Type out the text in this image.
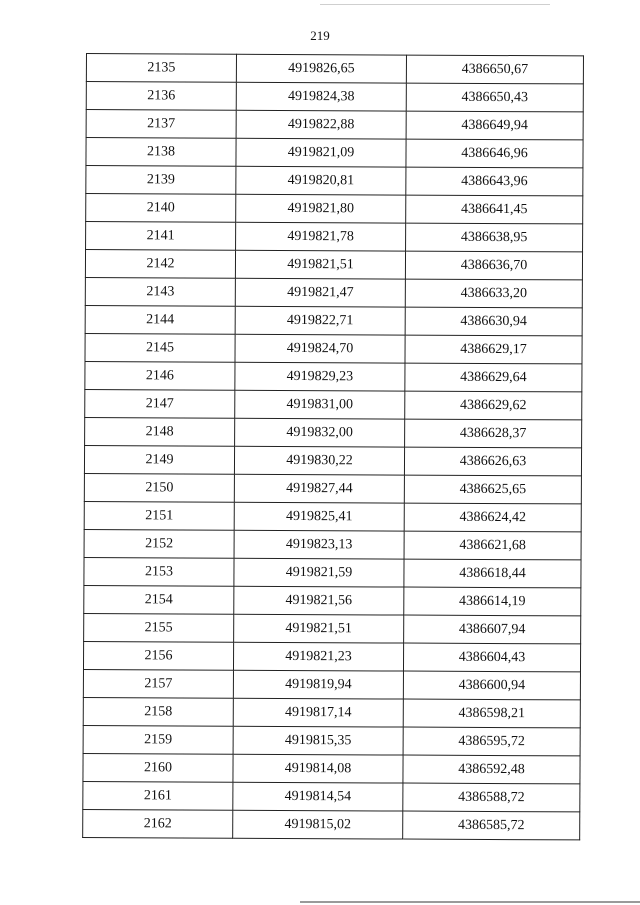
219
2135	4919826,65	4386650,67
2136	4919824,38	4386650,43
2137	4919822,88	4386649,94
2138	4919821,09	4386646,96
2139	4919820,81	4386643,96
2140	4919821,80	4386641,45
2141	4919821,78	4386638,95
2142	4919821,51	4386636,70
2143	4919821,47	4386633,20
2144	4919822,71	4386630,94
2145	4919824,70	4386629,17
2146	4919829,23	4386629,64
2147	4919831,00	4386629,62
2148	4919832,00	4386628,37
2149	4919830,22	4386626,63
2150	4919827,44	4386625,65
2151	4919825,41	4386624,42
2152	4919823,13	4386621,68
2153	4919821,59	4386618,44
2154	4919821,56	4386614,19
2155	4919821,51	4386607,94
2156	4919821,23	4386604,43
2157	4919819,94	4386600,94
2158	4919817,14	4386598,21
2159	4919815,35	4386595,72
2160	4919814,08	4386592,48
2161	4919814,54	4386588,72
2162	4919815,02	4386585,72
